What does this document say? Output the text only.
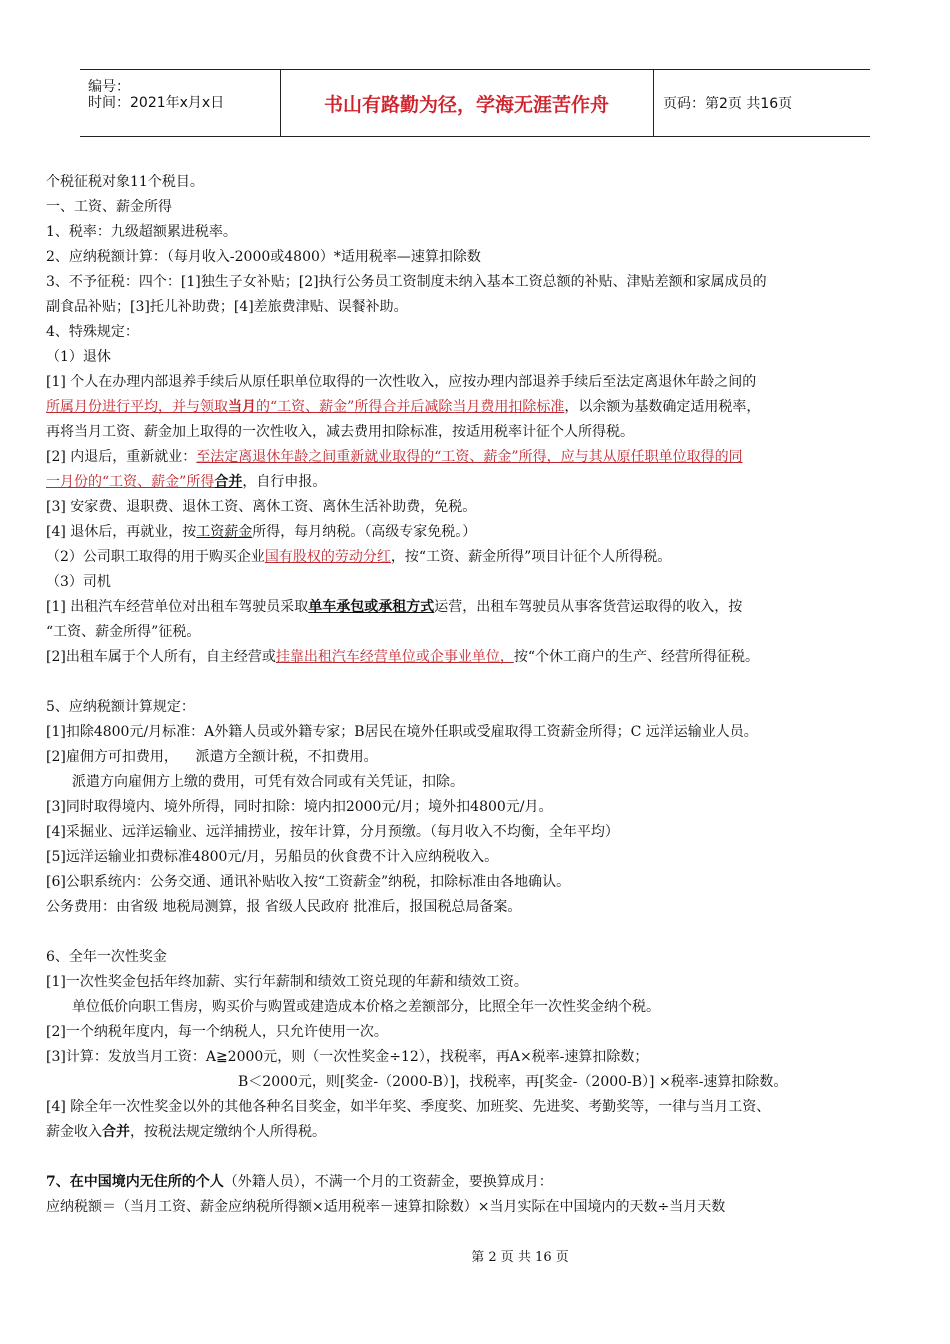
编号：
时间：2021年x月x日	书山有路勤为径，学海无涯苦作舟	页码：第2页 共16页
个税征税对象11个税目。
一、工资、薪金所得
1、税率：九级超额累进税率。
2、应纳税额计算：（每月收入-2000或4800）*适用税率—速算扣除数
3、不予征税：四个：[1]独生子女补贴；[2]执行公务员工资制度未纳入基本工资总额的补贴、津贴差额和家属成员的
副食品补贴；[3]托儿补助费；[4]差旅费津贴、误餐补助。
4、特殊规定：
（1）退休
[1] 个人在办理内部退养手续后从原任职单位取得的一次性收入，应按办理内部退养手续后至法定离退休年龄之间的
所属月份进行平均，并与领取当月的“工资、薪金”所得合并后减除当月费用扣除标准，以余额为基数确定适用税率，
再将当月工资、薪金加上取得的一次性收入，减去费用扣除标准，按适用税率计征个人所得税。
[2] 内退后，重新就业：至法定离退休年龄之间重新就业取得的“工资、薪金”所得，应与其从原任职单位取得的同
一月份的“工资、薪金”所得合并，自行申报。
[3] 安家费、退职费、退休工资、离休工资、离休生活补助费，免税。
[4] 退休后，再就业，按工资薪金所得，每月纳税。（高级专家免税。）
（2）公司职工取得的用于购买企业国有股权的劳动分红，按“工资、薪金所得”项目计征个人所得税。
（3）司机
[1] 出租汽车经营单位对出租车驾驶员采取单车承包或承租方式运营，出租车驾驶员从事客货营运取得的收入，按
“工资、薪金所得”征税。
[2]出租车属于个人所有，自主经营或挂靠出租汽车经营单位或企事业单位，按“个休工商户的生产、经营所得征税。
5、应纳税额计算规定：
[1]扣除4800元/月标准：A外籍人员或外籍专家；B居民在境外任职或受雇取得工资薪金所得；C 远洋运输业人员。
[2]雇佣方可扣费用，    派遣方全额计税，不扣费用。
派遣方向雇佣方上缴的费用，可凭有效合同或有关凭证，扣除。
[3]同时取得境内、境外所得，同时扣除：境内扣2000元/月；境外扣4800元/月。
[4]采掘业、远洋运输业、远洋捕捞业，按年计算，分月预缴。（每月收入不均衡，全年平均）
[5]远洋运输业扣费标准4800元/月，另船员的伙食费不计入应纳税收入。
[6]公职系统内：公务交通、通讯补贴收入按“工资薪金”纳税，扣除标准由各地确认。
公务费用：由省级 地税局测算，报 省级人民政府 批准后，报国税总局备案。
6、全年一次性奖金
[1]一次性奖金包括年终加薪、实行年薪制和绩效工资兑现的年薪和绩效工资。
单位低价向职工售房，购买价与购置或建造成本价格之差额部分，比照全年一次性奖金纳个税。
[2]一个纳税年度内，每一个纳税人，只允许使用一次。
[3]计算：发放当月工资：A≧2000元，则（一次性奖金÷12），找税率，再A×税率-速算扣除数；
B＜2000元，则[奖金-（2000-B）]，找税率，再[奖金-（2000-B）] ×税率-速算扣除数。
[4] 除全年一次性奖金以外的其他各种名目奖金，如半年奖、季度奖、加班奖、先进奖、考勤奖等，一律与当月工资、
薪金收入合并，按税法规定缴纳个人所得税。
7、在中国境内无住所的个人（外籍人员），不满一个月的工资薪金，要换算成月：
应纳税额＝（当月工资、薪金应纳税所得额×适用税率－速算扣除数）×当月实际在中国境内的天数÷当月天数
第 2 页 共 16 页
